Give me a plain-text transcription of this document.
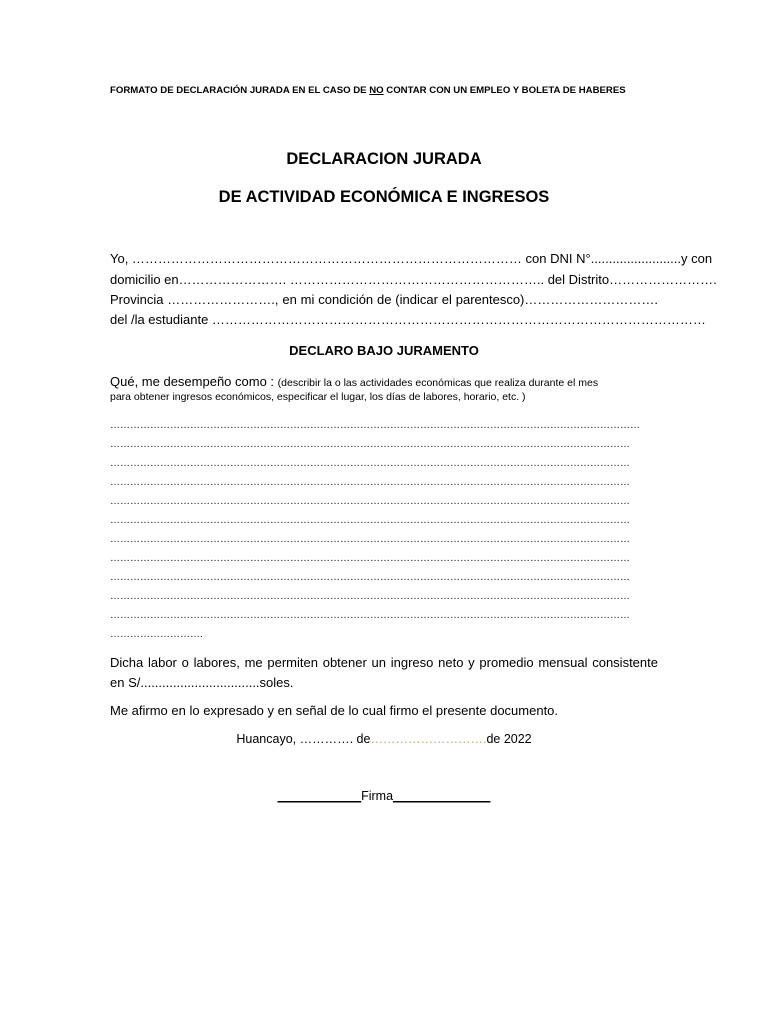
FORMATO DE DECLARACIÓN JURADA EN EL CASO DE NO CONTAR CON UN EMPLEO Y BOLETA DE HABERES
DECLARACION JURADA
DE ACTIVIDAD ECONÓMICA E INGRESOS
Yo, ……………………………………………………………………………… con DNI N°.........................y con
domicilio en……………………. ………………………………………………….. del Distrito…………………….
Provincia ……………………., en mi condición de (indicar el parentesco)………………………….
del /la estudiante ……………………………………………………………………………………………………
DECLARO BAJO JURAMENTO
Qué, me desempeño como : (describir la o las actividades económicas que realiza durante el mes
para obtener ingresos económicos, especificar el lugar, los días de labores, horario, etc. )
……………………………………………………………………………………………………………………………………………
…………………………………………………………………………………………………………………………………………
…………………………………………………………………………………………………………………………………………
…………………………………………………………………………………………………………………………………………
…………………………………………………………………………………………………………………………………………
…………………………………………………………………………………………………………………………………………
…………………………………………………………………………………………………………………………………………
…………………………………………………………………………………………………………………………………………
…………………………………………………………………………………………………………………………………………
…………………………………………………………………………………………………………………………………………
…………………………………………………………………………………………………………………………………………
……………………….
Dicha labor o labores, me permiten obtener un ingreso neto y promedio mensual consistente
en S/.................................soles.
Me afirmo en lo expresado y en señal de lo cual firmo el presente documento.
Huancayo, …………. de……………………….de 2022
____________Firma______________
